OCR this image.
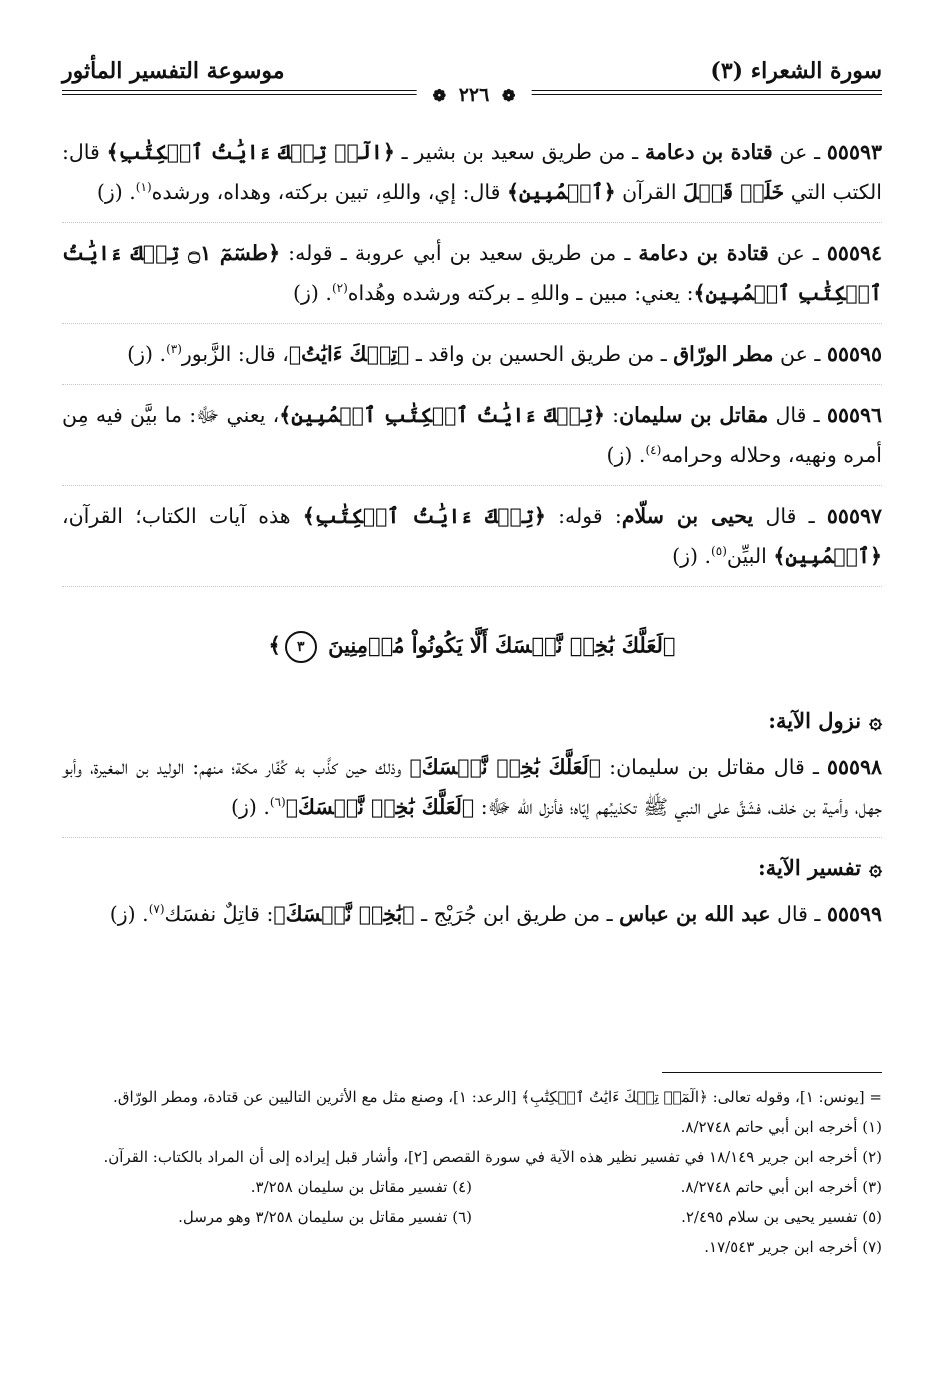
سورة الشعراء (٣)
موسوعة التفسير المأثور
❁ ٢٢٦ ❁
٥٥٥٩٣ ـ عن قتادة بن دعامة ـ من طريق سعيد بن بشير ـ ﴿الٓرۚ تِلۡكَ ءَايَٰتُ ٱلۡكِتَٰبِ﴾ قال: الكتب التي خَلَتۡ قَبۡلَ القرآن ﴿ٱلۡمُبِينِ﴾ قال: إي، واللهِ، تبين بركته، وهداه، ورشده$^{(١)}$. (ز)
٥٥٥٩٤ ـ عن قتادة بن دعامة ـ من طريق سعيد بن أبي عروبة ـ قوله: ﴿طسٓمٓ ۝١ تِلۡكَ ءَايَٰتُ ٱلۡكِتَٰبِ ٱلۡمُبِينِ﴾: يعني: مبين ـ واللهِ ـ بركته ورشده وهُداه$^{(٢)}$. (ز)
٥٥٥٩٥ ـ عن مطر الورّاق ـ من طريق الحسين بن واقد ـ ﴿تِلۡكَ ءَايَٰتُ﴾، قال: الزَّبور$^{(٣)}$. (ز)
٥٥٥٩٦ ـ قال مقاتل بن سليمان: ﴿تِلۡكَ ءَايَٰتُ ٱلۡكِتَٰبِ ٱلۡمُبِينِ﴾، يعني ﷻ: ما بيَّن فيه مِن أمره ونهيه، وحلاله وحرامه$^{(٤)}$. (ز)
٥٥٥٩٧ ـ قال يحيى بن سلّام: قوله: ﴿تِلۡكَ ءَايَٰتُ ٱلۡكِتَٰبِ﴾ هذه آيات الكتاب؛ القرآن، ﴿ٱلۡمُبِينِ﴾ البيِّن$^{(٥)}$. (ز)
﴿لَعَلَّكَ بَٰخِعٞ نَّفۡسَكَ أَلَّا يَكُونُواْ مُؤۡمِنِينَ ٣﴾
۞نزول الآية:
٥٥٥٩٨ ـ قال مقاتل بن سليمان: ﴿لَعَلَّكَ بَٰخِعٞ نَّفۡسَكَ﴾ وذلك حين كذَّب به كُفّار مكة؛ منهم: الوليد بن المغيرة، وأبو جهل، وأمية بن خلف، فشَقَّ على النبي ﷺ تكذيبُهم إيّاه؛ فأنزل الله ﷻ: ﴿لَعَلَّكَ بَٰخِعٞ نَّفۡسَكَ﴾$^{(٦)}$. (ز)
۞تفسير الآية:
٥٥٥٩٩ ـ قال عبد الله بن عباس ـ من طريق ابن جُرَيْج ـ ﴿بَٰخِعٞ نَّفۡسَكَ﴾: قاتِلٌ نفسَك$^{(٧)}$. (ز)
= [يونس: ١]، وقوله تعالى: ﴿الٓمٓرۚ تِلۡكَ ءَايَٰتُ ٱلۡكِتَٰبِ﴾ [الرعد: ١]، وصنع مثل مع الأثرين التاليين عن قتادة، ومطر الورّاق.
(١) أخرجه ابن أبي حاتم ٨/٢٧٤٨.
(٢) أخرجه ابن جرير ١٨/١٤٩ في تفسير نظير هذه الآية في سورة القصص [٢]، وأشار قبل إيراده إلى أن المراد بالكتاب: القرآن.
(٣) أخرجه ابن أبي حاتم ٨/٢٧٤٨.
(٤) تفسير مقاتل بن سليمان ٣/٢٥٨.
(٥) تفسير يحيى بن سلام ٢/٤٩٥.
(٦) تفسير مقاتل بن سليمان ٣/٢٥٨ وهو مرسل.
(٧) أخرجه ابن جرير ١٧/٥٤٣.
